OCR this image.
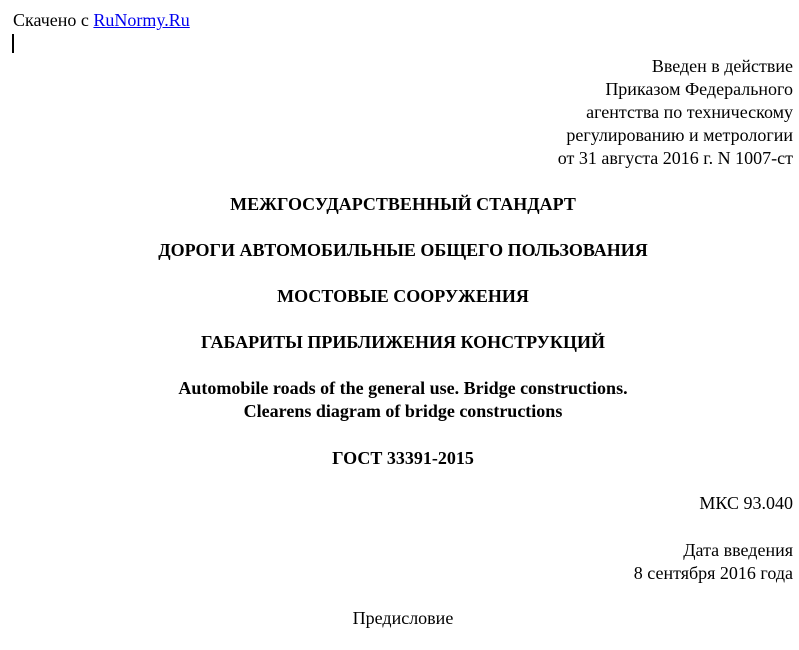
Скачено с RuNormy.Ru
Введен в действие
Приказом Федерального
агентства по техническому
регулированию и метрологии
от 31 августа 2016 г. N 1007-ст
МЕЖГОСУДАРСТВЕННЫЙ СТАНДАРТ
ДОРОГИ АВТОМОБИЛЬНЫЕ ОБЩЕГО ПОЛЬЗОВАНИЯ
МОСТОВЫЕ СООРУЖЕНИЯ
ГАБАРИТЫ ПРИБЛИЖЕНИЯ КОНСТРУКЦИЙ
Automobile roads of the general use. Bridge constructions.
Clearens diagram of bridge constructions
ГОСТ 33391-2015
МКС 93.040
Дата введения
8 сентября 2016 года
Предисловие
